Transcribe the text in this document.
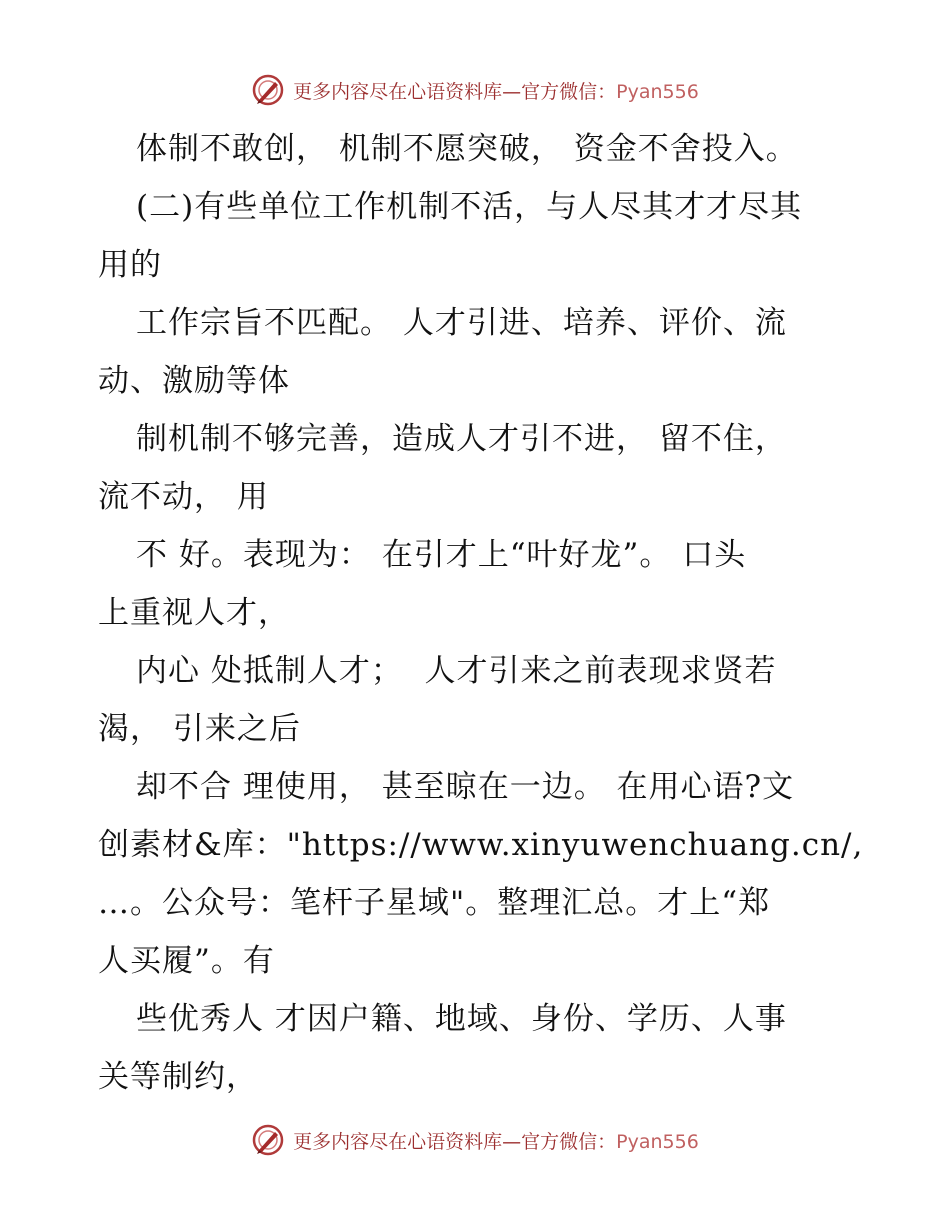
更多内容尽在心语资料库—官方微信：Pyan556
体制不敢创， 机制不愿突破， 资金不舍投入。
(二)有些单位工作机制不活，与人尽其才才尽其
用的
工作宗旨不匹配。 人才引进、培养、评价、流
动、激励等体
制机制不够完善，造成人才引不进， 留不住，
流不动， 用
不 好。表现为： 在引才上“叶好龙”。 口头
上重视人才，
内心 处抵制人才；  人才引来之前表现求贤若
渴， 引来之后
却不合 理使用， 甚至晾在一边。 在用心语?文
创素材&库："https://www.xinyuwenchuang.cn/,
…。公众号：笔杆子星域"。整理汇总。才上“郑
人买履”。有
些优秀人 才因户籍、地域、身份、学历、人事
关等制约，
更多内容尽在心语资料库—官方微信：Pyan556
